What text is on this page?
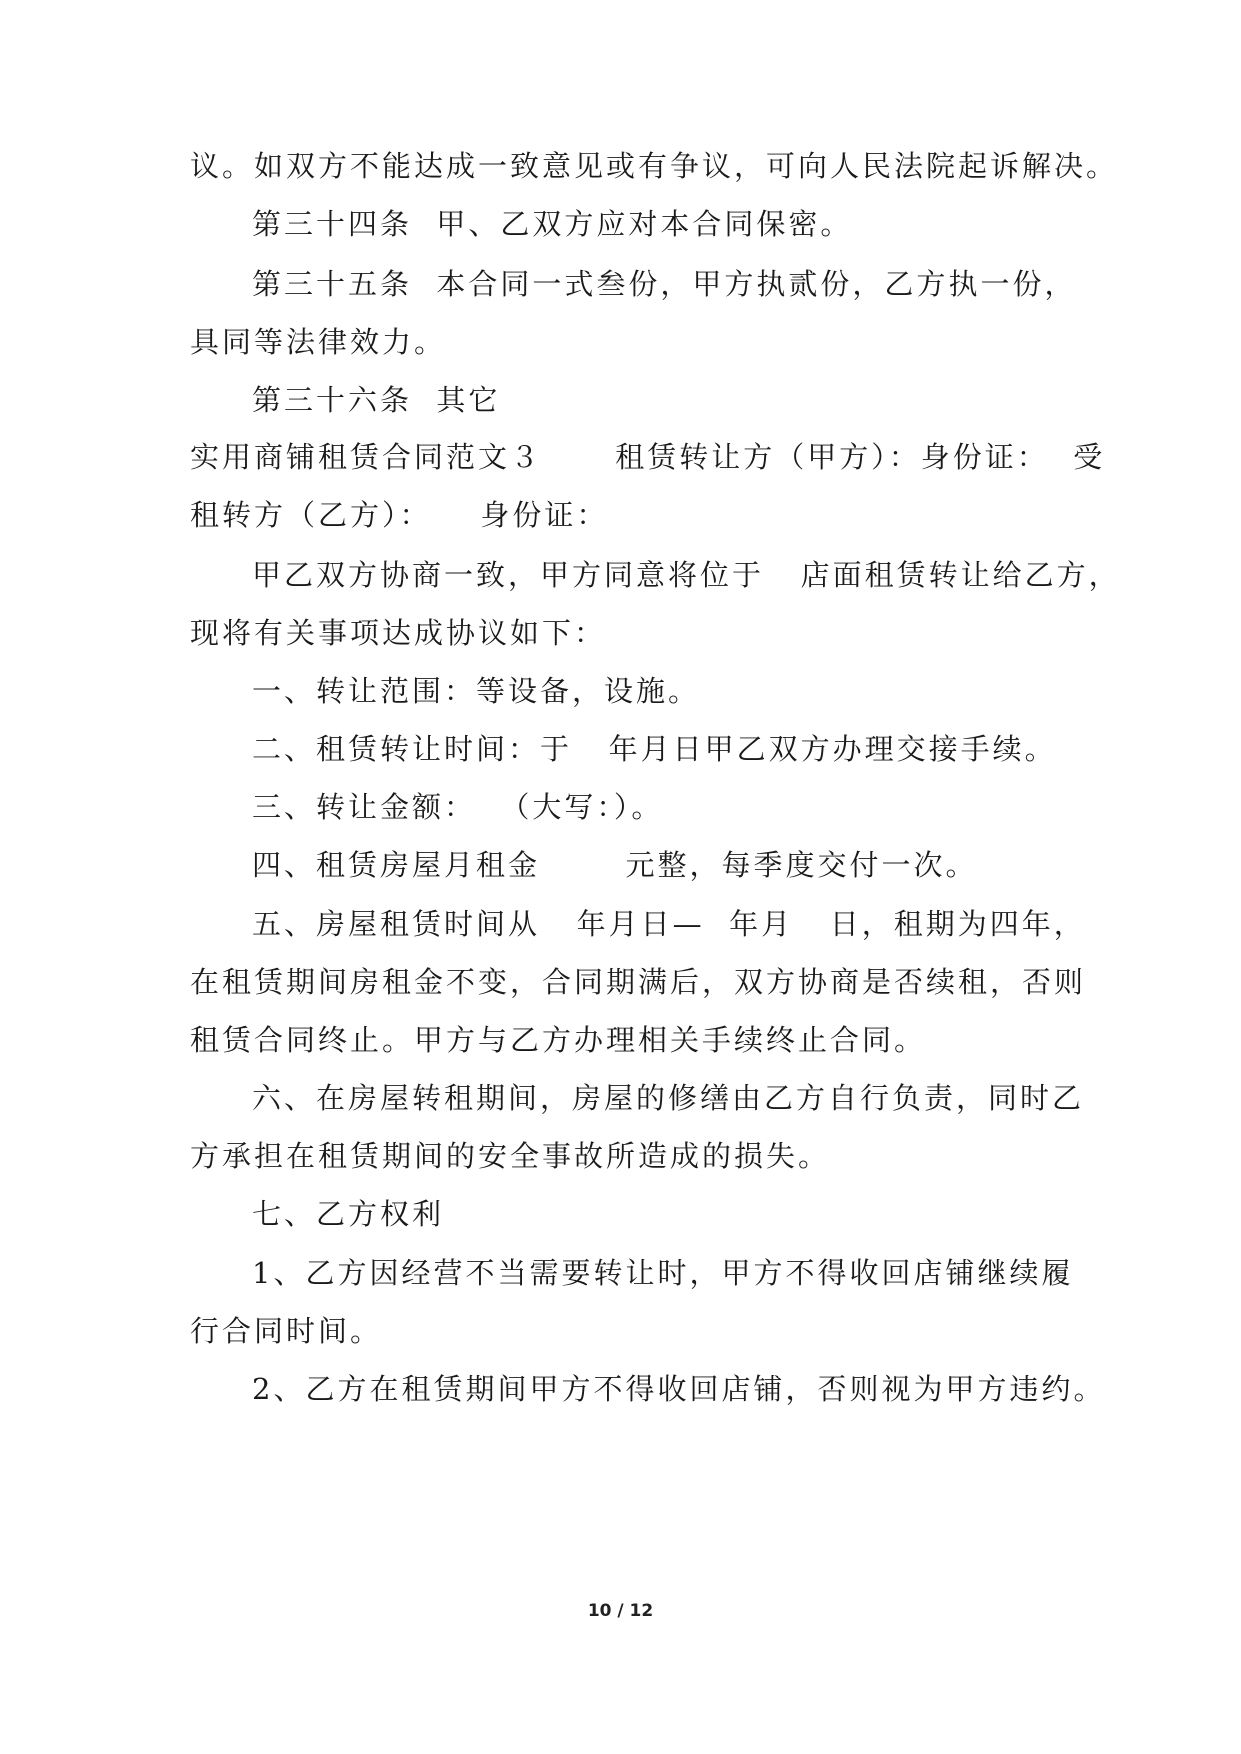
议。如双方不能达成一致意见或有争议，可向人民法院起诉解决。
第三十四条  甲、乙双方应对本合同保密。
第三十五条  本合同一式叁份，甲方执贰份，乙方执一份，
具同等法律效力。
第三十六条  其它
实用商铺租赁合同范文３      租赁转让方（甲方）：身份证：  受
租转方（乙方）：    身份证：
甲乙双方协商一致，甲方同意将位于   店面租赁转让给乙方，
现将有关事项达成协议如下：
一、转让范围：等设备，设施。
二、租赁转让时间：于   年月日甲乙双方办理交接手续。
三、转让金额：  （大写：）。
四、租赁房屋月租金       元整，每季度交付一次。
五、房屋租赁时间从   年月日—  年月   日，租期为四年，
在租赁期间房租金不变，合同期满后，双方协商是否续租，否则
租赁合同终止。甲方与乙方办理相关手续终止合同。
六、在房屋转租期间，房屋的修缮由乙方自行负责，同时乙
方承担在租赁期间的安全事故所造成的损失。
七、乙方权利
1、乙方因经营不当需要转让时，甲方不得收回店铺继续履
行合同时间。
2、乙方在租赁期间甲方不得收回店铺，否则视为甲方违约。
10 / 12
